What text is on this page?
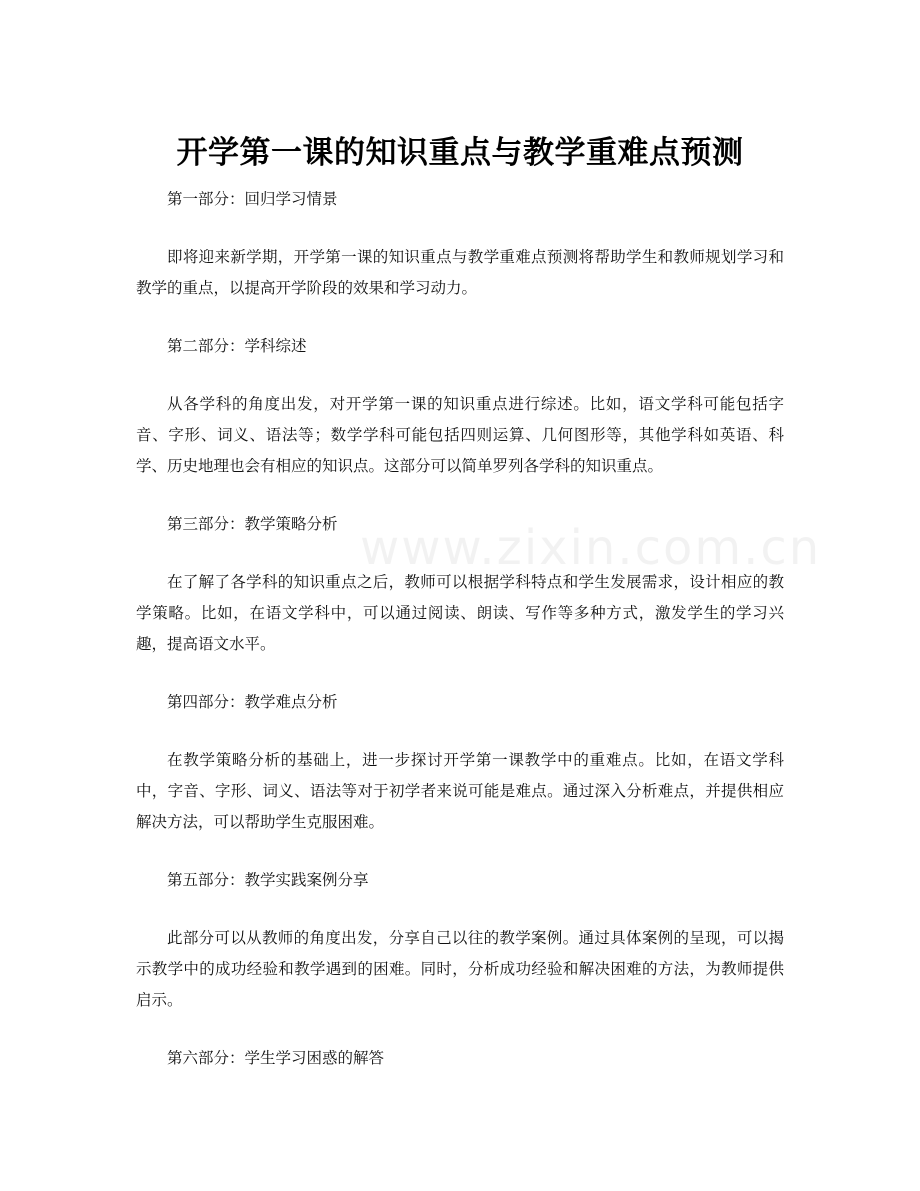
www.zixin.com.cn
开学第一课的知识重点与教学重难点预测

第一部分：回归学习情景

即将迎来新学期，开学第一课的知识重点与教学重难点预测将帮助学生和教师规划学习和教学的重点，以提高开学阶段的效果和学习动力。

第二部分：学科综述

从各学科的角度出发，对开学第一课的知识重点进行综述。比如，语文学科可能包括字音、字形、词义、语法等；数学学科可能包括四则运算、几何图形等，其他学科如英语、科学、历史地理也会有相应的知识点。这部分可以简单罗列各学科的知识重点。

第三部分：教学策略分析

在了解了各学科的知识重点之后，教师可以根据学科特点和学生发展需求，设计相应的教学策略。比如，在语文学科中，可以通过阅读、朗读、写作等多种方式，激发学生的学习兴趣，提高语文水平。

第四部分：教学难点分析

在教学策略分析的基础上，进一步探讨开学第一课教学中的重难点。比如，在语文学科中，字音、字形、词义、语法等对于初学者来说可能是难点。通过深入分析难点，并提供相应解决方法，可以帮助学生克服困难。

第五部分：教学实践案例分享

此部分可以从教师的角度出发，分享自己以往的教学案例。通过具体案例的呈现，可以揭示教学中的成功经验和教学遇到的困难。同时，分析成功经验和解决困难的方法，为教师提供启示。

第六部分：学生学习困惑的解答
